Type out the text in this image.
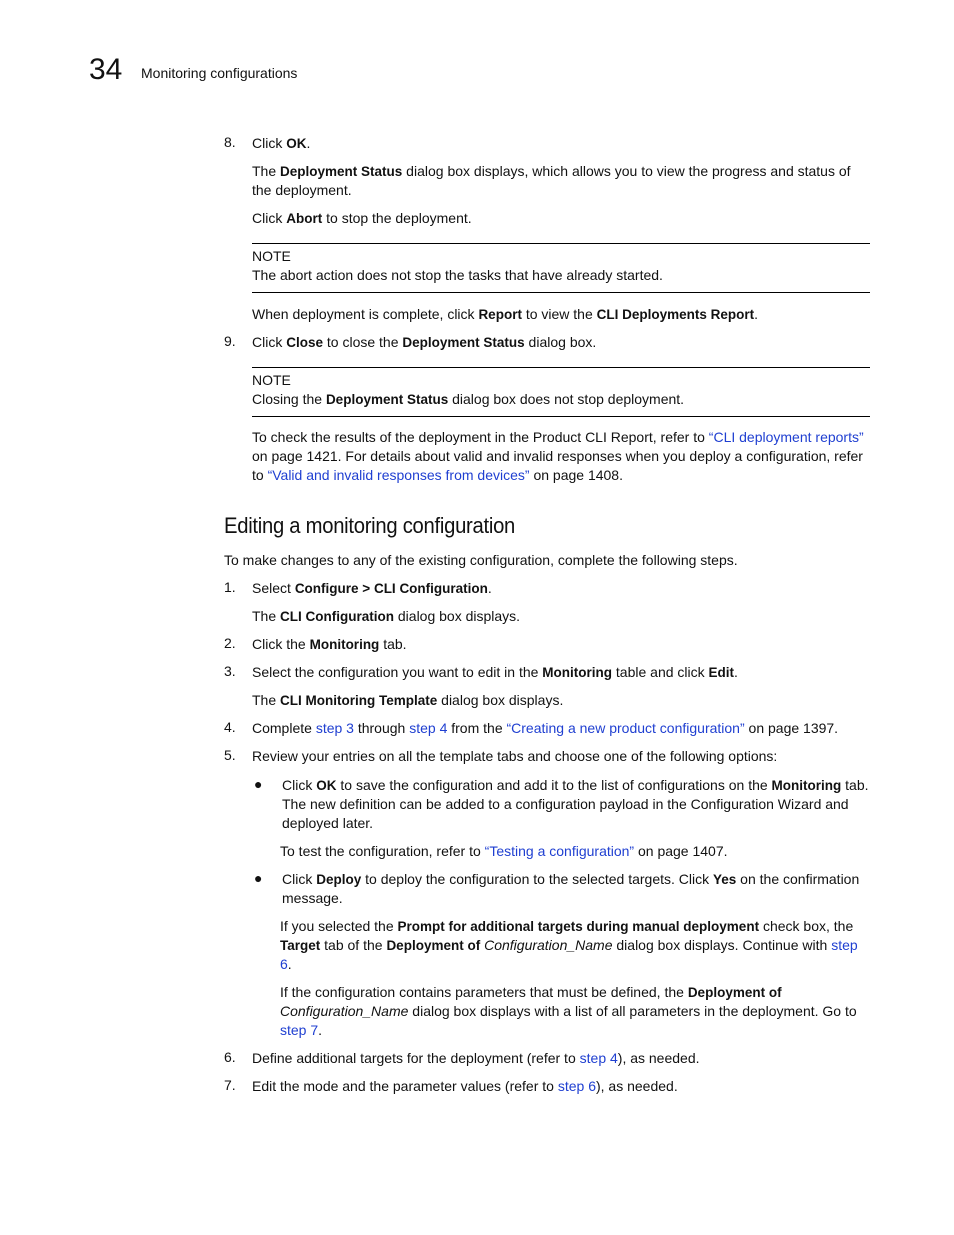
34 Monitoring configurations
8.	Click OK.

The Deployment Status dialog box displays, which allows you to view the progress and status of the deployment.

Click Abort to stop the deployment.

NOTE

The abort action does not stop the tasks that have already started.

When deployment is complete, click Report to view the CLI Deployments Report.

9.	Click Close to close the Deployment Status dialog box.

NOTE

Closing the Deployment Status dialog box does not stop deployment.

To check the results of the deployment in the Product CLI Report, refer to “CLI deployment reports” on page 1421. For details about valid and invalid responses when you deploy a configuration, refer to “Valid and invalid responses from devices” on page 1408.

Editing a monitoring configuration

To make changes to any of the existing configuration, complete the following steps.

1.	Select Configure > CLI Configuration.

The CLI Configuration dialog box displays.

2.	Click the Monitoring tab.

3.	Select the configuration you want to edit in the Monitoring table and click Edit.

The CLI Monitoring Template dialog box displays.

4.	Complete step 3 through step 4 from the “Creating a new product configuration” on page 1397.

5.	Review your entries on all the template tabs and choose one of the following options:

●	Click OK to save the configuration and add it to the list of configurations on the Monitoring tab. The new definition can be added to a configuration payload in the Configuration Wizard and deployed later.

To test the configuration, refer to “Testing a configuration” on page 1407.

●	Click Deploy to deploy the configuration to the selected targets. Click Yes on the confirmation message.

If you selected the Prompt for additional targets during manual deployment check box, the Target tab of the Deployment of Configuration_Name dialog box displays. Continue with step 6.

If the configuration contains parameters that must be defined, the Deployment of Configuration_Name dialog box displays with a list of all parameters in the deployment. Go to step 7.

6.	Define additional targets for the deployment (refer to step 4), as needed.

7.	Edit the mode and the parameter values (refer to step 6), as needed.
